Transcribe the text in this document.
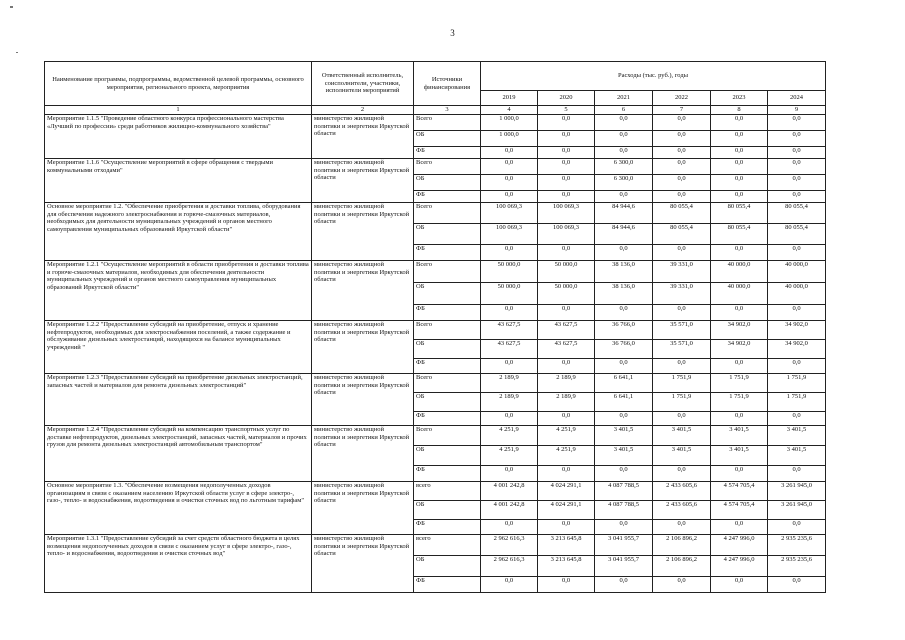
3
Наименование программы, подпрограммы, ведомственной целевой программы, основного мероприятия, регионального проекта, мероприятия	Ответственный исполнитель, соисполнители, участники, исполнители мероприятий	Источники финансирования	Расходы (тыс. руб.), годы					
			2019	2020	2021	2022	2023	2024
1	2	3	4	5	6	7	8	9
Мероприятие 1.1.5 "Проведение областного конкурса профессионального мастерства «Лучший по профессии» среди работников жилищно-коммунального хозяйства"	министерство жилищной политики и энергетики Иркутской области	Всего	1 000,0	0,0	0,0	0,0	0,0	0,0
		ОБ	1 000,0	0,0	0,0	0,0	0,0	0,0
		ФБ	0,0	0,0	0,0	0,0	0,0	0,0
Мероприятие 1.1.6 "Осуществление мероприятий в сфере обращения с твердыми коммунальными отходами"	министерство жилищной политики и энергетики Иркутской области	Всего	0,0	0,0	6 300,0	0,0	0,0	0,0
		ОБ	0,0	0,0	6 300,0	0,0	0,0	0,0
		ФБ	0,0	0,0	0,0	0,0	0,0	0,0
Основное мероприятие 1.2. "Обеспечение приобретения и доставки топлива, оборудования для обеспечения надежного электроснабжения и горюче-смазочных материалов, необходимых для деятельности муниципальных учреждений и органов местного самоуправления муниципальных образований Иркутской области"	министерство жилищной политики и энергетики Иркутской области	Всего	100 069,3	100 069,3	84 944,6	80 055,4	80 055,4	80 055,4
		ОБ	100 069,3	100 069,3	84 944,6	80 055,4	80 055,4	80 055,4
		ФБ	0,0	0,0	0,0	0,0	0,0	0,0
Мероприятие 1.2.1 "Осуществление мероприятий в области приобретения и доставки топлива и горюче-смазочных материалов, необходимых для обеспечения деятельности муниципальных учреждений и органов местного самоуправления муниципальных образований Иркутской области"	министерство жилищной политики и энергетики Иркутской области	Всего	50 000,0	50 000,0	38 136,0	39 331,0	40 000,0	40 000,0
		ОБ	50 000,0	50 000,0	38 136,0	39 331,0	40 000,0	40 000,0
		ФБ	0,0	0,0	0,0	0,0	0,0	0,0
Мероприятие 1.2.2 "Предоставление субсидий на приобретение, отпуск и хранение нефтепродуктов, необходимых для электроснабжения поселений, а также содержание и обслуживание дизельных электростанций, находящихся на балансе муниципальных учреждений "	министерство жилищной политики и энергетики Иркутской области	Всего	43 627,5	43 627,5	36 766,0	35 571,0	34 902,0	34 902,0
		ОБ	43 627,5	43 627,5	36 766,0	35 571,0	34 902,0	34 902,0
		ФБ	0,0	0,0	0,0	0,0	0,0	0,0
Мероприятие 1.2.3 "Предоставление субсидий на приобретение дизельных электростанций, запасных частей и материалов для ремонта дизельных электростанций"	министерство жилищной политики и энергетики Иркутской области	Всего	2 189,9	2 189,9	6 641,1	1 751,9	1 751,9	1 751,9
		ОБ	2 189,9	2 189,9	6 641,1	1 751,9	1 751,9	1 751,9
		ФБ	0,0	0,0	0,0	0,0	0,0	0,0
Мероприятие 1.2.4 "Предоставление субсидий на компенсацию транспортных услуг по доставке нефтепродуктов, дизельных электростанций, запасных частей, материалов и прочих грузов для ремонта дизельных электростанций автомобильным транспортом"	министерство жилищной политики и энергетики Иркутской области	Всего	4 251,9	4 251,9	3 401,5	3 401,5	3 401,5	3 401,5
		ОБ	4 251,9	4 251,9	3 401,5	3 401,5	3 401,5	3 401,5
		ФБ	0,0	0,0	0,0	0,0	0,0	0,0
Основное мероприятие 1.3. "Обеспечение возмещения недополученных доходов организациям в связи с оказанием населению Иркутской области услуг в сфере электро-, газо-, тепло- и водоснабжения, водоотведения и очистки сточных вод по льготным тарифам"	министерство жилищной политики и энергетики Иркутской области	всего	4 001 242,8	4 024 291,1	4 087 788,5	2 433 605,6	4 574 705,4	3 261 945,0
		ОБ	4 001 242,8	4 024 291,1	4 087 788,5	2 433 605,6	4 574 705,4	3 261 945,0
		ФБ	0,0	0,0	0,0	0,0	0,0	0,0
Мероприятие 1.3.1 "Предоставление субсидий за счет средств областного бюджета в целях возмещения недополученных доходов в связи с оказанием услуг в сфере электро-, газо-, тепло- и водоснабжения, водоотведения и очистки сточных вод"	министерство жилищной политики и энергетики Иркутской области	всего	2 962 616,3	3 213 645,8	3 041 955,7	2 106 896,2	4 247 996,0	2 935 235,6
		ОБ	2 962 616,3	3 213 645,8	3 041 955,7	2 106 896,2	4 247 996,0	2 935 235,6
		ФБ	0,0	0,0	0,0	0,0	0,0	0,0
